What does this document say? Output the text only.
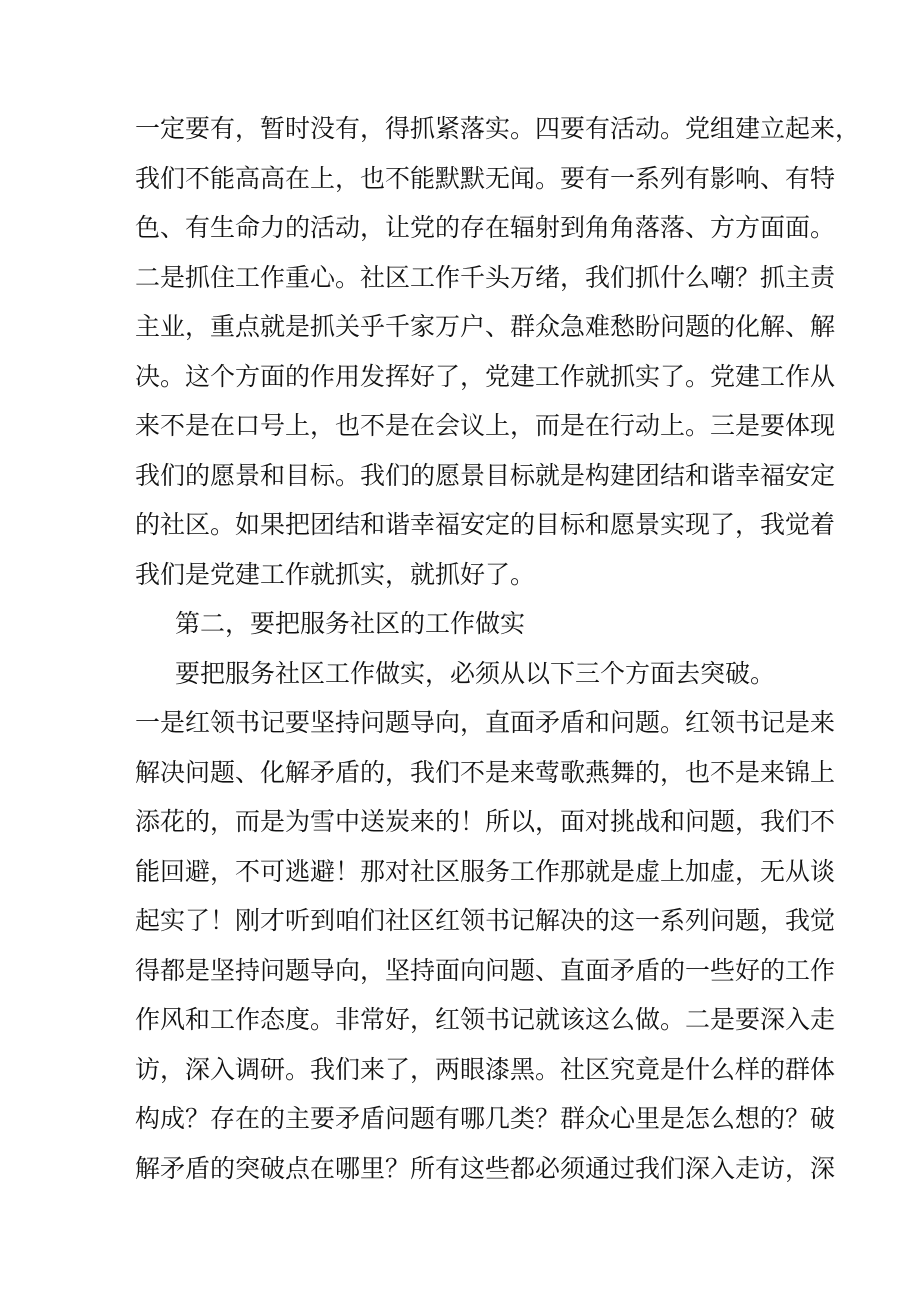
一定要有，暂时没有，得抓紧落实。四要有活动。党组建立起来，
我们不能高高在上，也不能默默无闻。要有一系列有影响、有特
色、有生命力的活动，让党的存在辐射到角角落落、方方面面。
二是抓住工作重心。社区工作千头万绪，我们抓什么嘲？抓主责
主业，重点就是抓关乎千家万户、群众急难愁盼问题的化解、解
决。这个方面的作用发挥好了，党建工作就抓实了。党建工作从
来不是在口号上，也不是在会议上，而是在行动上。三是要体现
我们的愿景和目标。我们的愿景目标就是构建团结和谐幸福安定
的社区。如果把团结和谐幸福安定的目标和愿景实现了，我觉着
我们是党建工作就抓实，就抓好了。
第二，要把服务社区的工作做实
要把服务社区工作做实，必须从以下三个方面去突破。
一是红领书记要坚持问题导向，直面矛盾和问题。红领书记是来
解决问题、化解矛盾的，我们不是来莺歌燕舞的，也不是来锦上
添花的，而是为雪中送炭来的！所以，面对挑战和问题，我们不
能回避，不可逃避！那对社区服务工作那就是虚上加虚，无从谈
起实了！刚才听到咱们社区红领书记解决的这一系列问题，我觉
得都是坚持问题导向，坚持面向问题、直面矛盾的一些好的工作
作风和工作态度。非常好，红领书记就该这么做。二是要深入走
访，深入调研。我们来了，两眼漆黑。社区究竟是什么样的群体
构成？存在的主要矛盾问题有哪几类？群众心里是怎么想的？破
解矛盾的突破点在哪里？所有这些都必须通过我们深入走访，深
